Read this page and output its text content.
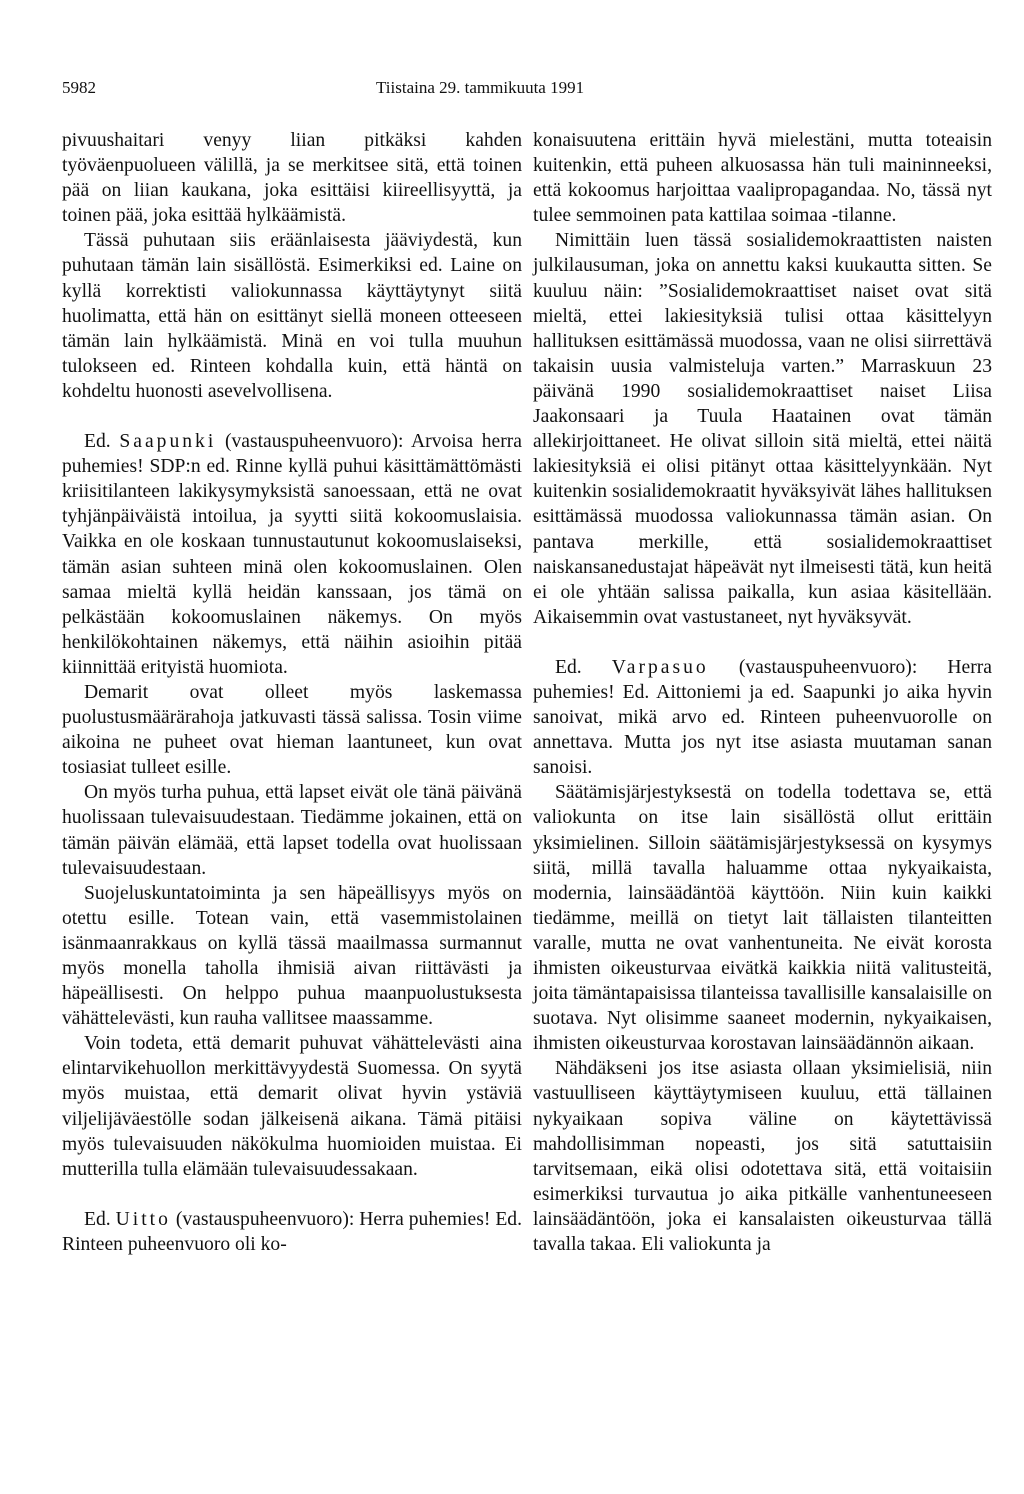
5982	Tiistaina 29. tammikuuta 1991

pivuushaitari venyy liian pitkäksi kahden työväenpuolueen välillä, ja se merkitsee sitä, että toinen pää on liian kaukana, joka esittäisi kiireellisyyttä, ja toinen pää, joka esittää hylkäämistä.

Tässä puhutaan siis eräänlaisesta jääviydestä, kun puhutaan tämän lain sisällöstä. Esimerkiksi ed. Laine on kyllä korrektisti valiokunnassa käyttäytynyt siitä huolimatta, että hän on esittänyt siellä moneen otteeseen tämän lain hylkäämistä. Minä en voi tulla muuhun tulokseen ed. Rinteen kohdalla kuin, että häntä on kohdeltu huonosti asevelvollisena.

Ed. Saapunki (vastauspuheenvuoro): Arvoisa herra puhemies! SDP:n ed. Rinne kyllä puhui käsittämättömästi kriisitilanteen lakikysymyksistä sanoessaan, että ne ovat tyhjänpäiväistä intoilua, ja syytti siitä kokoomuslaisia. Vaikka en ole koskaan tunnustautunut kokoomuslaiseksi, tämän asian suhteen minä olen kokoomuslainen. Olen samaa mieltä kyllä heidän kanssaan, jos tämä on pelkästään kokoomuslainen näkemys. On myös henkilökohtainen näkemys, että näihin asioihin pitää kiinnittää erityistä huomiota.

Demarit ovat olleet myös laskemassa puolustusmäärärahoja jatkuvasti tässä salissa. Tosin viime aikoina ne puheet ovat hieman laantuneet, kun ovat tosiasiat tulleet esille.

On myös turha puhua, että lapset eivät ole tänä päivänä huolissaan tulevaisuudestaan. Tiedämme jokainen, että on tämän päivän elämää, että lapset todella ovat huolissaan tulevaisuudestaan.

Suojeluskuntatoiminta ja sen häpeällisyys myös on otettu esille. Totean vain, että vasemmistolainen isänmaanrakkaus on kyllä tässä maailmassa surmannut myös monella taholla ihmisiä aivan riittävästi ja häpeällisesti. On helppo puhua maanpuolustuksesta vähättelevästi, kun rauha vallitsee maassamme.

Voin todeta, että demarit puhuvat vähättelevästi aina elintarvikehuollon merkittävyydestä Suomessa. On syytä myös muistaa, että demarit olivat hyvin ystäviä viljelijäväestölle sodan jälkeisenä aikana. Tämä pitäisi myös tulevaisuuden näkökulma huomioiden muistaa. Ei mutterilla tulla elämään tulevaisuudessakaan.

Ed. Uitto (vastauspuheenvuoro): Herra puhemies! Ed. Rinteen puheenvuoro oli ko-

konaisuutena erittäin hyvä mielestäni, mutta toteaisin kuitenkin, että puheen alkuosassa hän tuli maininneeksi, että kokoomus harjoittaa vaalipropagandaa. No, tässä nyt tulee semmoinen pata kattilaa soimaa -tilanne.

Nimittäin luen tässä sosialidemokraattisten naisten julkilausuman, joka on annettu kaksi kuukautta sitten. Se kuuluu näin: ”Sosialidemokraattiset naiset ovat sitä mieltä, ettei lakiesityksiä tulisi ottaa käsittelyyn hallituksen esittämässä muodossa, vaan ne olisi siirrettävä takaisin uusia valmisteluja varten.” Marraskuun 23 päivänä 1990 sosialidemokraattiset naiset Liisa Jaakonsaari ja Tuula Haatainen ovat tämän allekirjoittaneet. He olivat silloin sitä mieltä, ettei näitä lakiesityksiä ei olisi pitänyt ottaa käsittelyynkään. Nyt kuitenkin sosialidemokraatit hyväksyivät lähes hallituksen esittämässä muodossa valiokunnassa tämän asian. On pantava merkille, että sosialidemokraattiset naiskansanedustajat häpeävät nyt ilmeisesti tätä, kun heitä ei ole yhtään salissa paikalla, kun asiaa käsitellään. Aikaisemmin ovat vastustaneet, nyt hyväksyvät.

Ed. Varpasuo (vastauspuheenvuoro): Herra puhemies! Ed. Aittoniemi ja ed. Saapunki jo aika hyvin sanoivat, mikä arvo ed. Rinteen puheenvuorolle on annettava. Mutta jos nyt itse asiasta muutaman sanan sanoisi.

Säätämisjärjestyksestä on todella todettava se, että valiokunta on itse lain sisällöstä ollut erittäin yksimielinen. Silloin säätämisjärjestyksessä on kysymys siitä, millä tavalla haluamme ottaa nykyaikaista, modernia, lainsäädäntöä käyttöön. Niin kuin kaikki tiedämme, meillä on tietyt lait tällaisten tilanteitten varalle, mutta ne ovat vanhentuneita. Ne eivät korosta ihmisten oikeusturvaa eivätkä kaikkia niitä valitusteitä, joita tämäntapaisissa tilanteissa tavallisille kansalaisille on suotava. Nyt olisimme saaneet modernin, nykyaikaisen, ihmisten oikeusturvaa korostavan lainsäädännön aikaan.

Nähdäkseni jos itse asiasta ollaan yksimielisiä, niin vastuulliseen käyttäytymiseen kuuluu, että tällainen nykyaikaan sopiva väline on käytettävissä mahdollisimman nopeasti, jos sitä satuttaisiin tarvitsemaan, eikä olisi odotettava sitä, että voitaisiin esimerkiksi turvautua jo aika pitkälle vanhentuneeseen lainsäädäntöön, joka ei kansalaisten oikeusturvaa tällä tavalla takaa. Eli valiokunta ja
